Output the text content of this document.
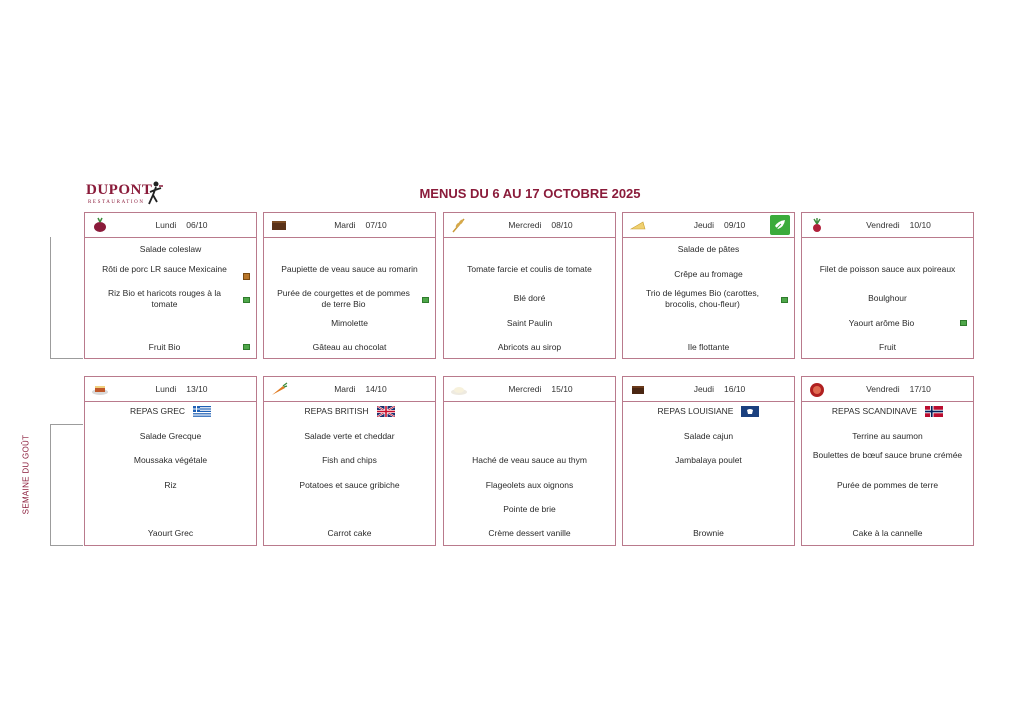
DUPONT
RESTAURATION
MENUS DU 6 AU 17 OCTOBRE 2025
SEMAINE DU GOÛT
Lundi 06/10
Salade coleslaw
Rôti de porc LR sauce Mexicaine
Riz Bio et haricots rouges à la tomate
Fruit Bio
Mardi 07/10
Paupiette de veau sauce au romarin
Purée de courgettes et de pommes de terre Bio
Mimolette
Gâteau au chocolat
Mercredi 08/10
Tomate farcie et coulis de tomate
Blé doré
Saint Paulin
Abricots au sirop
Jeudi 09/10
Salade de pâtes
Crêpe au fromage
Trio de légumes Bio (carottes, brocolis, chou-fleur)
Ile flottante
Vendredi 10/10
Filet de poisson sauce aux poireaux
Boulghour
Yaourt arôme Bio
Fruit
Lundi 13/10
REPAS GREC
Salade Grecque
Moussaka végétale
Riz
Yaourt Grec
Mardi 14/10
REPAS BRITISH
Salade verte et cheddar
Fish and chips
Potatoes et sauce gribiche
Carrot cake
Mercredi 15/10
Haché de veau sauce au thym
Flageolets aux oignons
Pointe de brie
Crème dessert vanille
Jeudi 16/10
REPAS LOUISIANE
Salade cajun
Jambalaya poulet
Brownie
Vendredi 17/10
REPAS SCANDINAVE
Terrine au saumon
Boulettes de bœuf sauce brune crémée
Purée de pommes de terre
Cake à la cannelle
